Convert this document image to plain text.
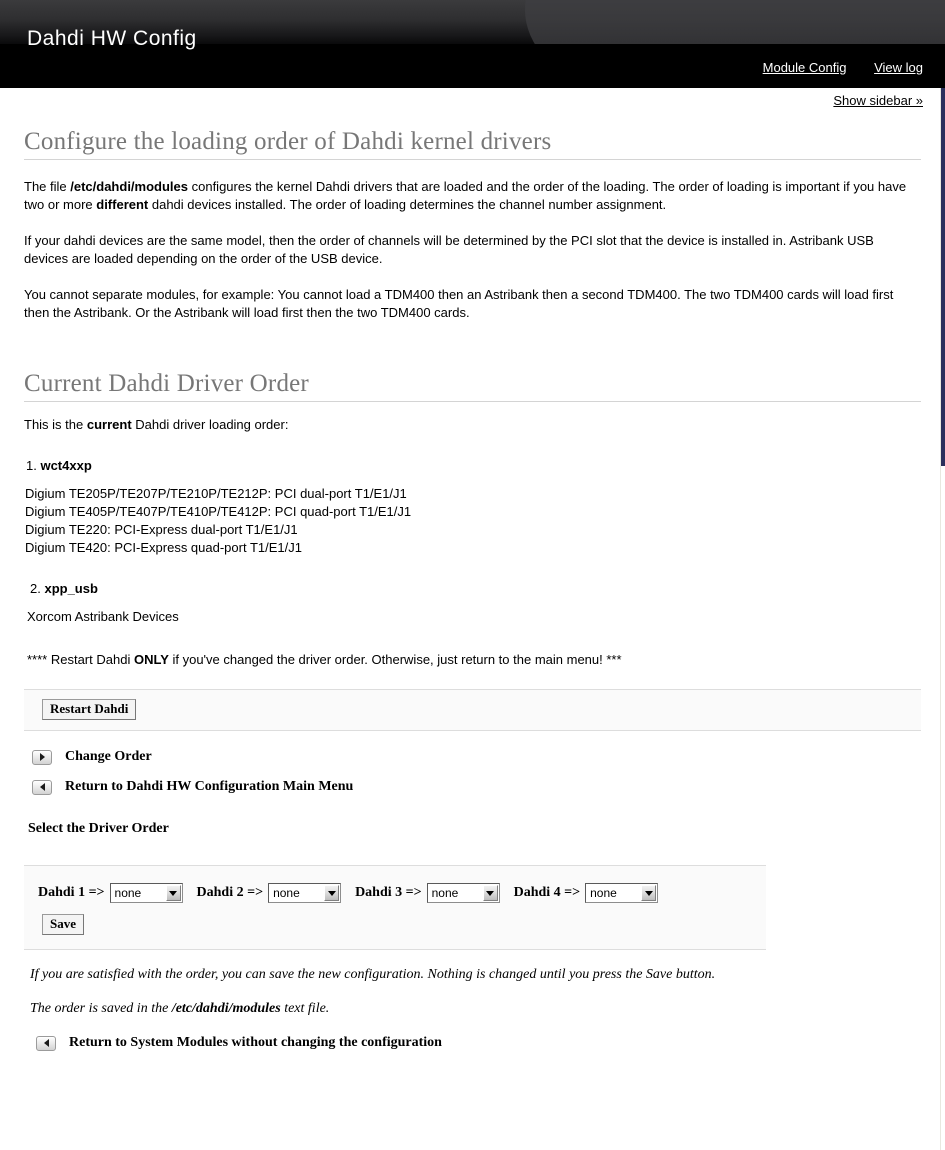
Dahdi HW Config
Module Config View log
Show sidebar »
Configure the loading order of Dahdi kernel drivers

The file /etc/dahdi/modules configures the kernel Dahdi drivers that are loaded and the order of the loading. The order of loading is important if you have two or more different dahdi devices installed. The order of loading determines the channel number assignment.

If your dahdi devices are the same model, then the order of channels will be determined by the PCI slot that the device is installed in. Astribank USB devices are loaded depending on the order of the USB device.

You cannot separate modules, for example: You cannot load a TDM400 then an Astribank then a second TDM400. The two TDM400 cards will load first then the Astribank. Or the Astribank will load first then the two TDM400 cards.

Current Dahdi Driver Order

This is the current Dahdi driver loading order:

1. wct4xxp
Digium TE205P/TE207P/TE210P/TE212P: PCI dual-port T1/E1/J1
Digium TE405P/TE407P/TE410P/TE412P: PCI quad-port T1/E1/J1
Digium TE220: PCI-Express dual-port T1/E1/J1
Digium TE420: PCI-Express quad-port T1/E1/J1
2. xpp_usb
Xorcom Astribank Devices
**** Restart Dahdi ONLY if you've changed the driver order. Otherwise, just return to the main menu! ***
Restart Dahdi
Change Order
Return to Dahdi HW Configuration Main Menu
Select the Driver Order
Dahdi 1 => none	Dahdi 2 => none	Dahdi 3 => none	Dahdi 4 => none
Save

If you are satisfied with the order, you can save the new configuration. Nothing is changed until you press the Save button.

The order is saved in the /etc/dahdi/modules text file.

Return to System Modules without changing the configuration
